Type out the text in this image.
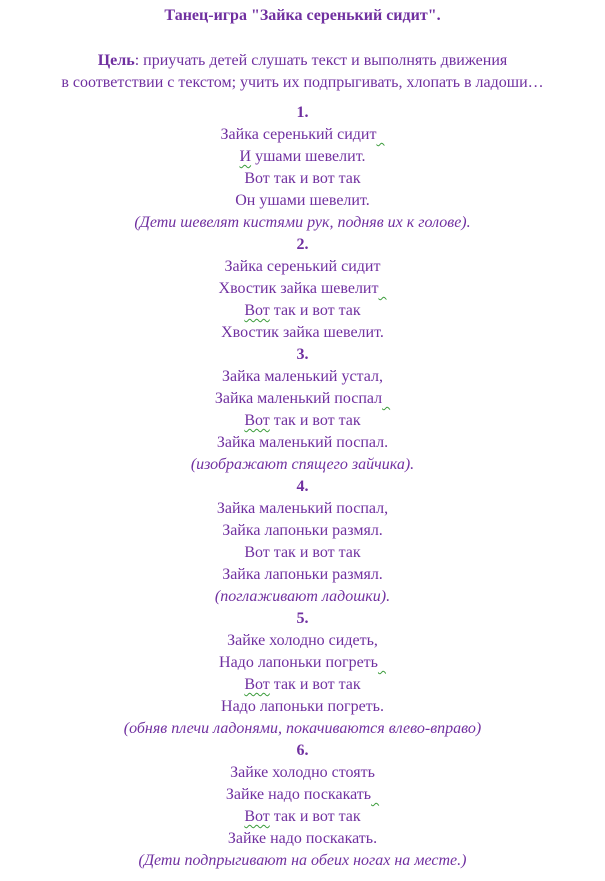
Танец-игра "Зайка серенький сидит".

Цель: приучать детей слушать текст и выполнять движения

в соответствии с текстом; учить их подпрыгивать, хлопать в ладоши…

1.
Зайка серенький сидит
И ушами шевелит.
Вот так и вот так
Он ушами шевелит.
(Дети шевелят кистями рук, подняв их к голове).
2.
Зайка серенький сидит
Хвостик зайка шевелит
Вот так и вот так
Хвостик зайка шевелит.
3.
Зайка маленький устал,
Зайка маленький поспал
Вот так и вот так
Зайка маленький поспал.
(изображают спящего зайчика).
4.
Зайка маленький поспал,
Зайка лапоньки размял.
Вот так и вот так
Зайка лапоньки размял.
(поглаживают ладошки).
5.
Зайке холодно сидеть,
Надо лапоньки погреть
Вот так и вот так
Надо лапоньки погреть.
(обняв плечи ладонями, покачиваются влево-вправо)
6.
Зайке холодно стоять
Зайке надо поскакать
Вот так и вот так
Зайке надо поскакать.
(Дети подпрыгивают на обеих ногах на месте.)
